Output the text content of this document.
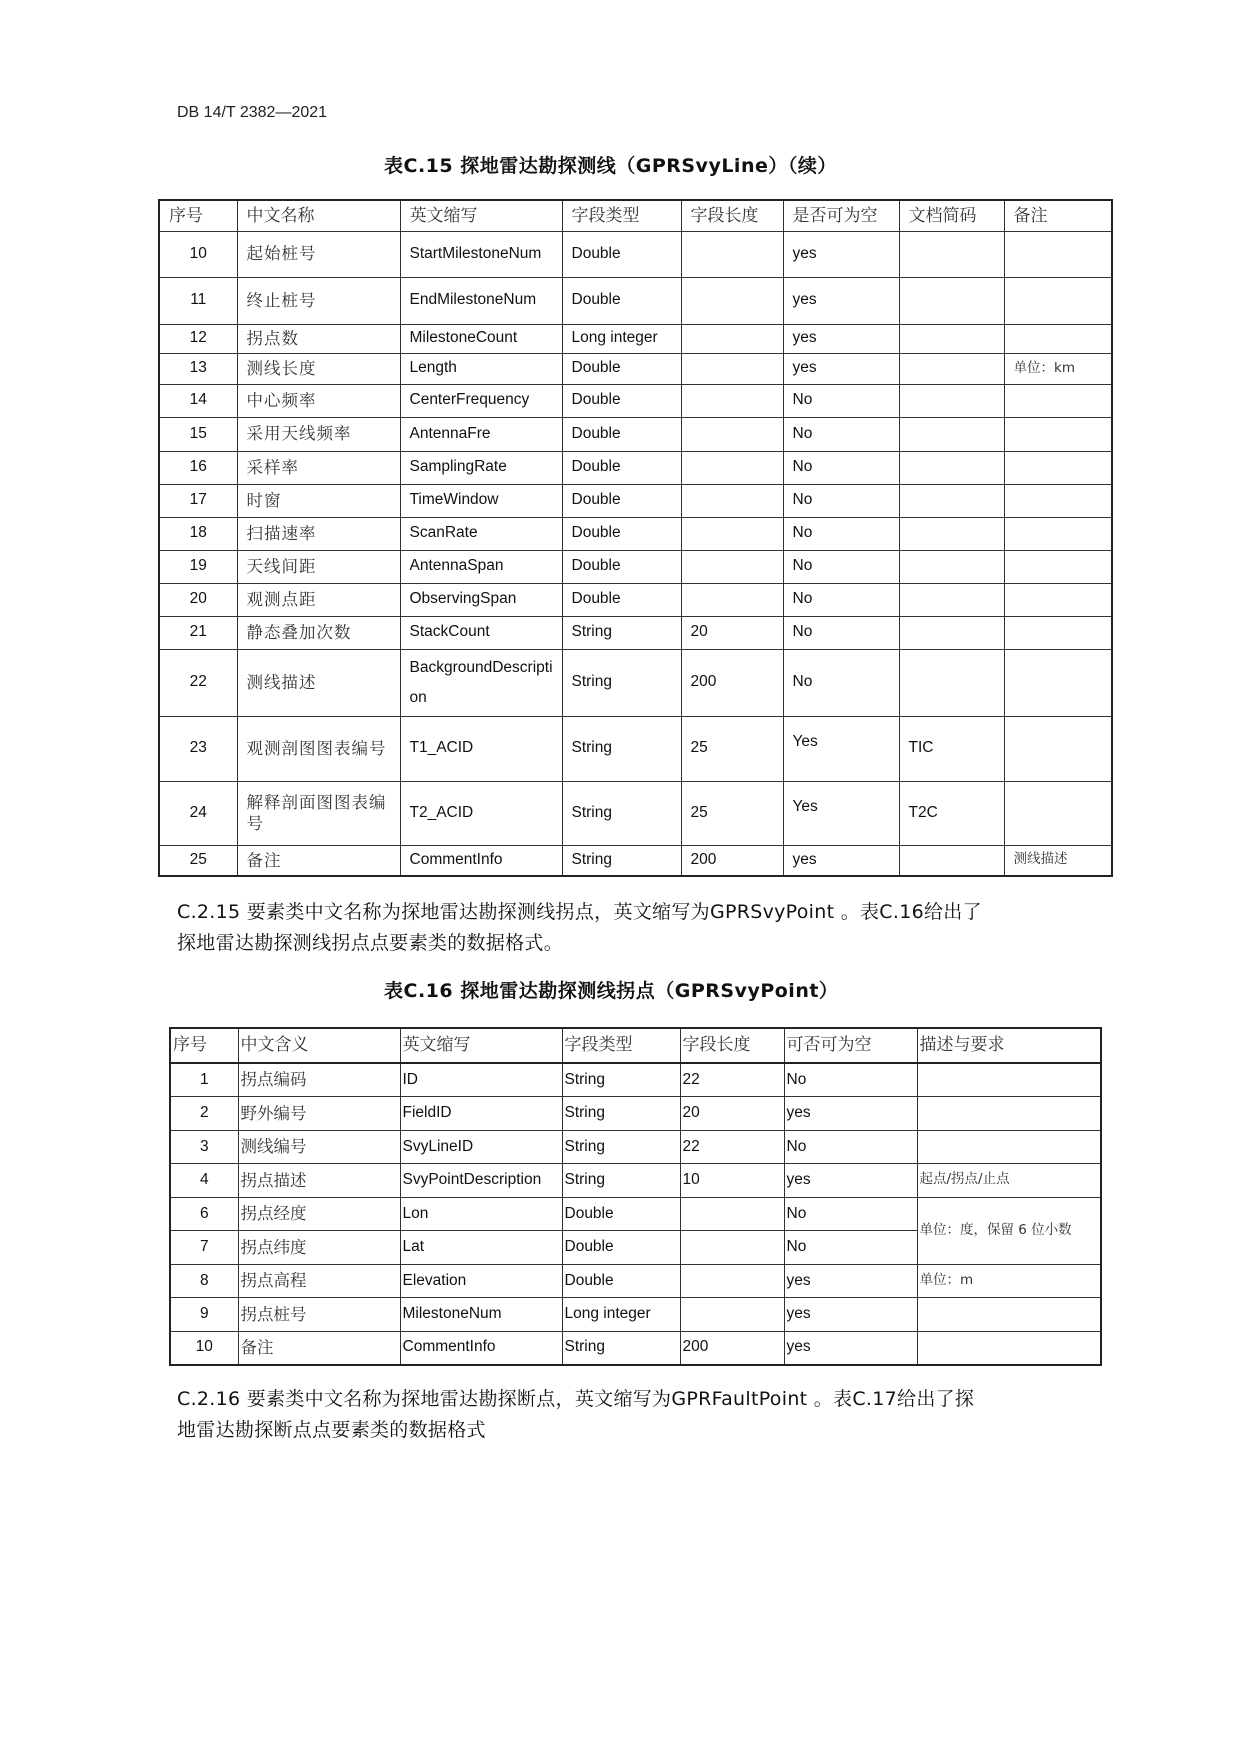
DB 14/T 2382—2021
表C.15 探地雷达勘探测线（GPRSvyLine）（续）
序号	中文名称	英文缩写	字段类型	字段长度	是否可为空	文档简码	备注
10	起始桩号	StartMilestoneNum	Double		yes		
11	终止桩号	EndMilestoneNum	Double		yes		
12	拐点数	MilestoneCount	Long integer		yes		
13	测线长度	Length	Double		yes		单位：km
14	中心频率	CenterFrequency	Double		No		
15	采用天线频率	AntennaFre	Double		No		
16	采样率	SamplingRate	Double		No		
17	时窗	TimeWindow	Double		No		
18	扫描速率	ScanRate	Double		No		
19	天线间距	AntennaSpan	Double		No		
20	观测点距	ObservingSpan	Double		No		
21	静态叠加次数	StackCount	String	20	No		
22	测线描述	BackgroundDescription	String	200	No		
23	观测剖图图表编号	T1_ACID	String	25	Yes	TIC	
24	解释剖面图图表编号	T2_ACID	String	25	Yes	T2C	
25	备注	CommentInfo	String	200	yes		测线描述
C.2.15 要素类中文名称为探地雷达勘探测线拐点，英文缩写为GPRSvyPoint 。表C.16给出了
探地雷达勘探测线拐点点要素类的数据格式。
表C.16 探地雷达勘探测线拐点（GPRSvyPoint）
序号	中文含义	英文缩写	字段类型	字段长度	可否可为空	描述与要求
1	拐点编码	ID	String	22	No	
2	野外编号	FieldID	String	20	yes	
3	测线编号	SvyLineID	String	22	No	
4	拐点描述	SvyPointDescription	String	10	yes	起点/拐点/止点
6	拐点经度	Lon	Double		No	单位：度，保留 6 位小数
7	拐点纬度	Lat	Double		No	
8	拐点高程	Elevation	Double		yes	单位：m
9	拐点桩号	MilestoneNum	Long integer		yes	
10	备注	CommentInfo	String	200	yes	
C.2.16 要素类中文名称为探地雷达勘探断点，英文缩写为GPRFaultPoint 。表C.17给出了探
地雷达勘探断点点要素类的数据格式
